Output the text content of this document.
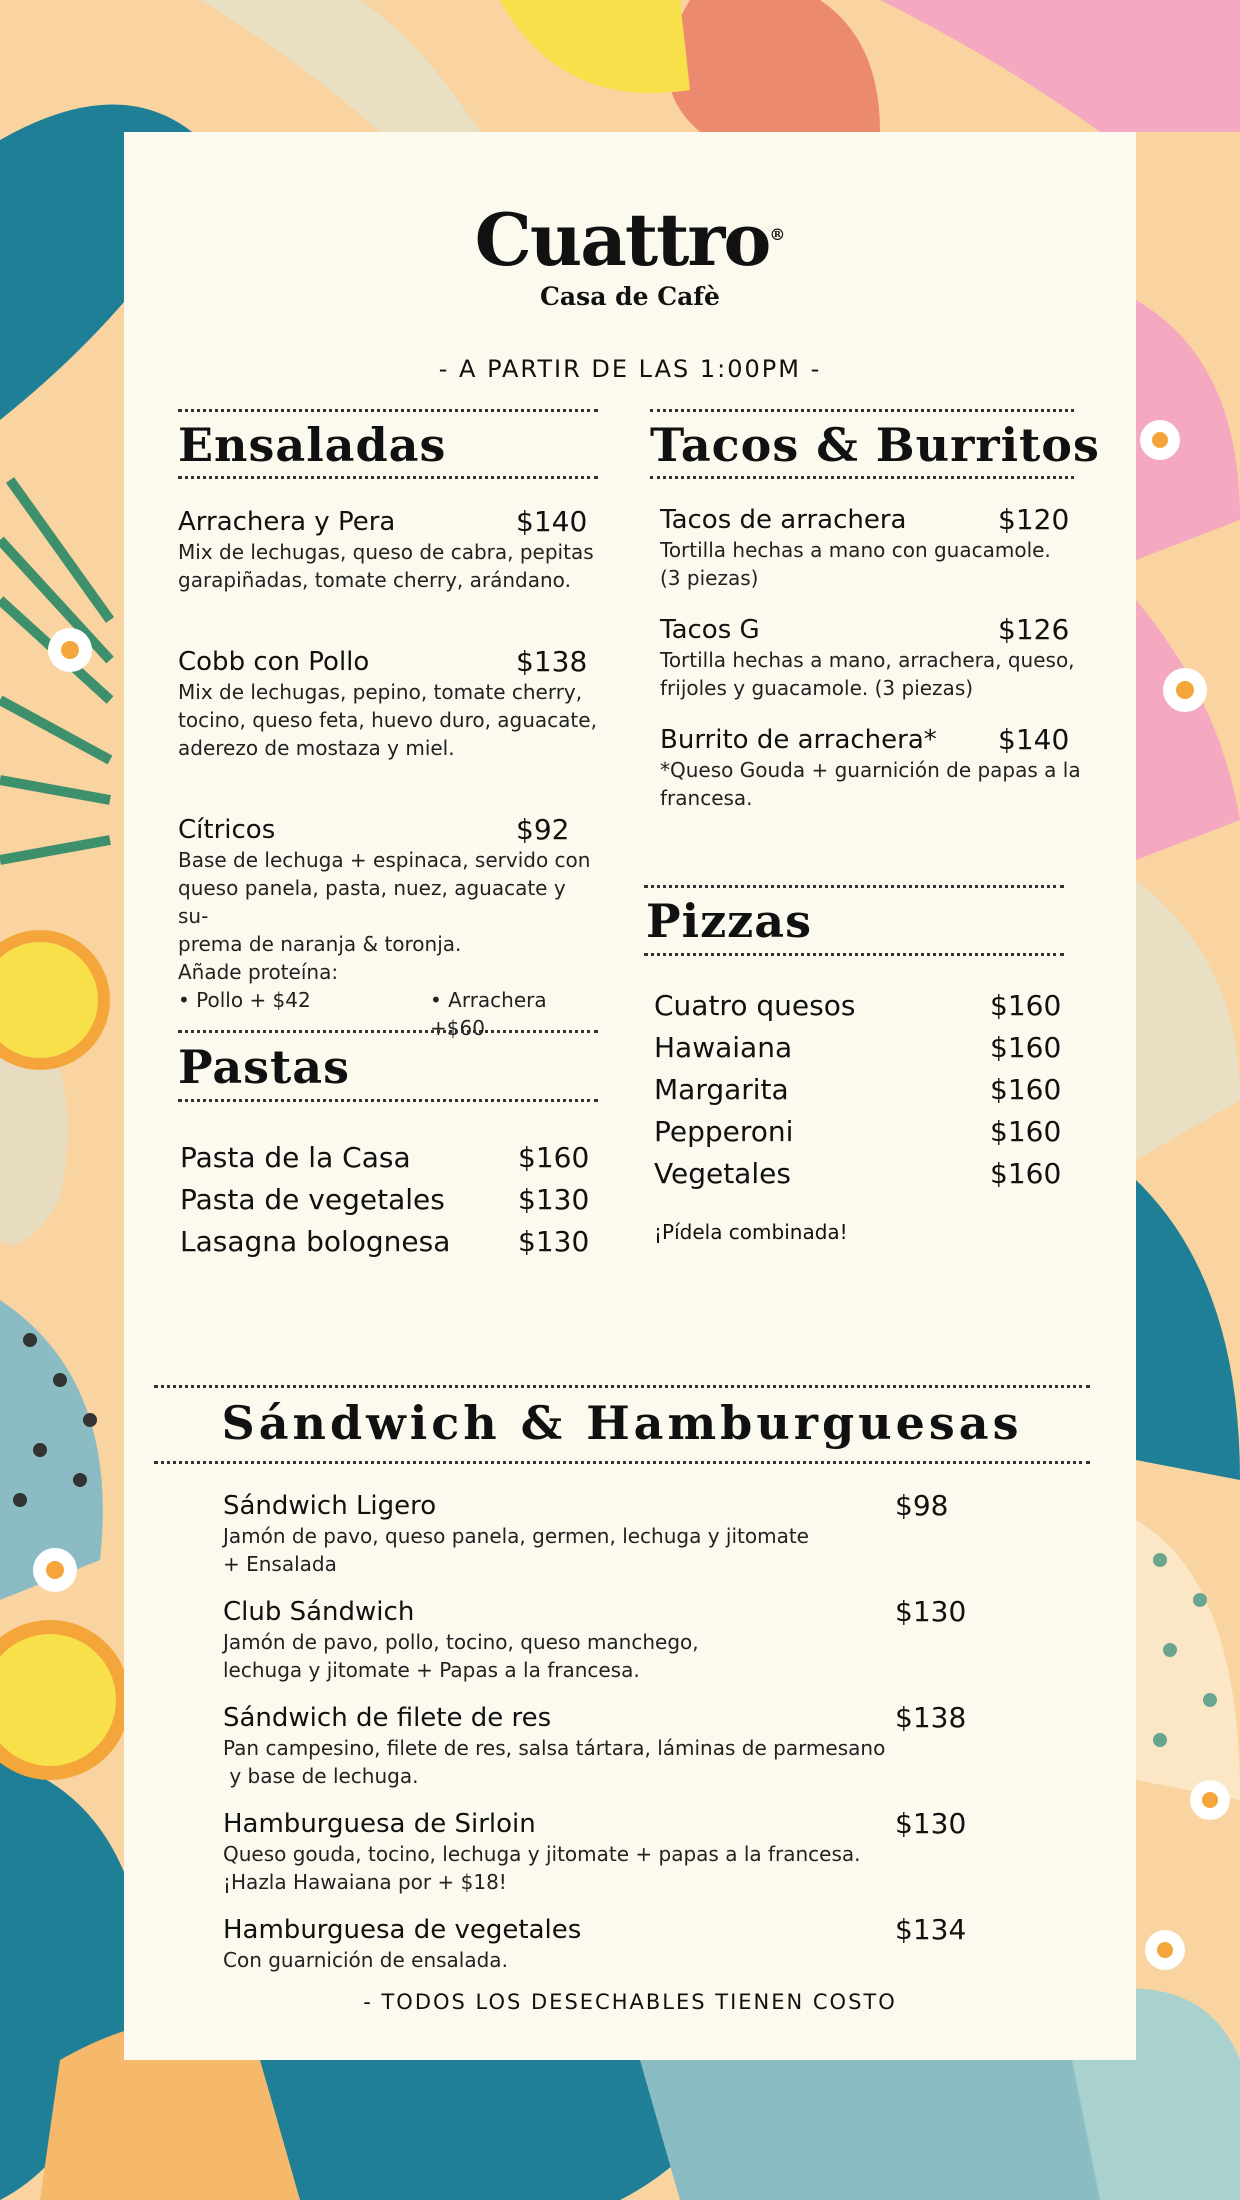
Cuattro®
Casa de Cafè
- A PARTIR DE LAS 1:00PM -
Ensaladas
Arrachera y Pera	$140
Mix de lechugas, queso de cabra, pepitas
garapiñadas, tomate cherry, arándano.
Cobb con Pollo	$138
Mix de lechugas, pepino, tomate cherry,
tocino, queso feta, huevo duro, aguacate,
aderezo de mostaza y miel.
Cítricos	$92
Base de lechuga + espinaca, servido con
queso panela, pasta, nuez, aguacate y su-
prema de naranja & toronja.
Añade proteína:
• Pollo + $42	• Arrachera +$60
Pastas
Pasta de la Casa	$160
Pasta de vegetales	$130
Lasagna bolognesa $130
Tacos & Burritos
Tacos de arrachera	$120
Tortilla hechas a mano con guacamole.
(3 piezas)
Tacos G	$126
Tortilla hechas a mano, arrachera, queso,
frijoles y guacamole. (3 piezas)
Burrito de arrachera*	$140
*Queso Gouda + guarnición de papas a la
francesa.
Pizzas
Cuatro quesos	$160
Hawaiana	$160
Margarita	$160
Pepperoni	$160
Vegetales	$160
¡Pídela combinada!
Sándwich & Hamburguesas
Sándwich Ligero	$98
Jamón de pavo, queso panela, germen, lechuga y jitomate
+ Ensalada
Club Sándwich	$130
Jamón de pavo, pollo, tocino, queso manchego,
lechuga y jitomate + Papas a la francesa.
Sándwich de filete de res	$138
Pan campesino, filete de res, salsa tártara, láminas de parmesano
y base de lechuga.
Hamburguesa de Sirloin	$130
Queso gouda, tocino, lechuga y jitomate + papas a la francesa.
¡Hazla Hawaiana por + $18!
Hamburguesa de vegetales	$134
Con guarnición de ensalada.
- TODOS LOS DESECHABLES TIENEN COSTO
